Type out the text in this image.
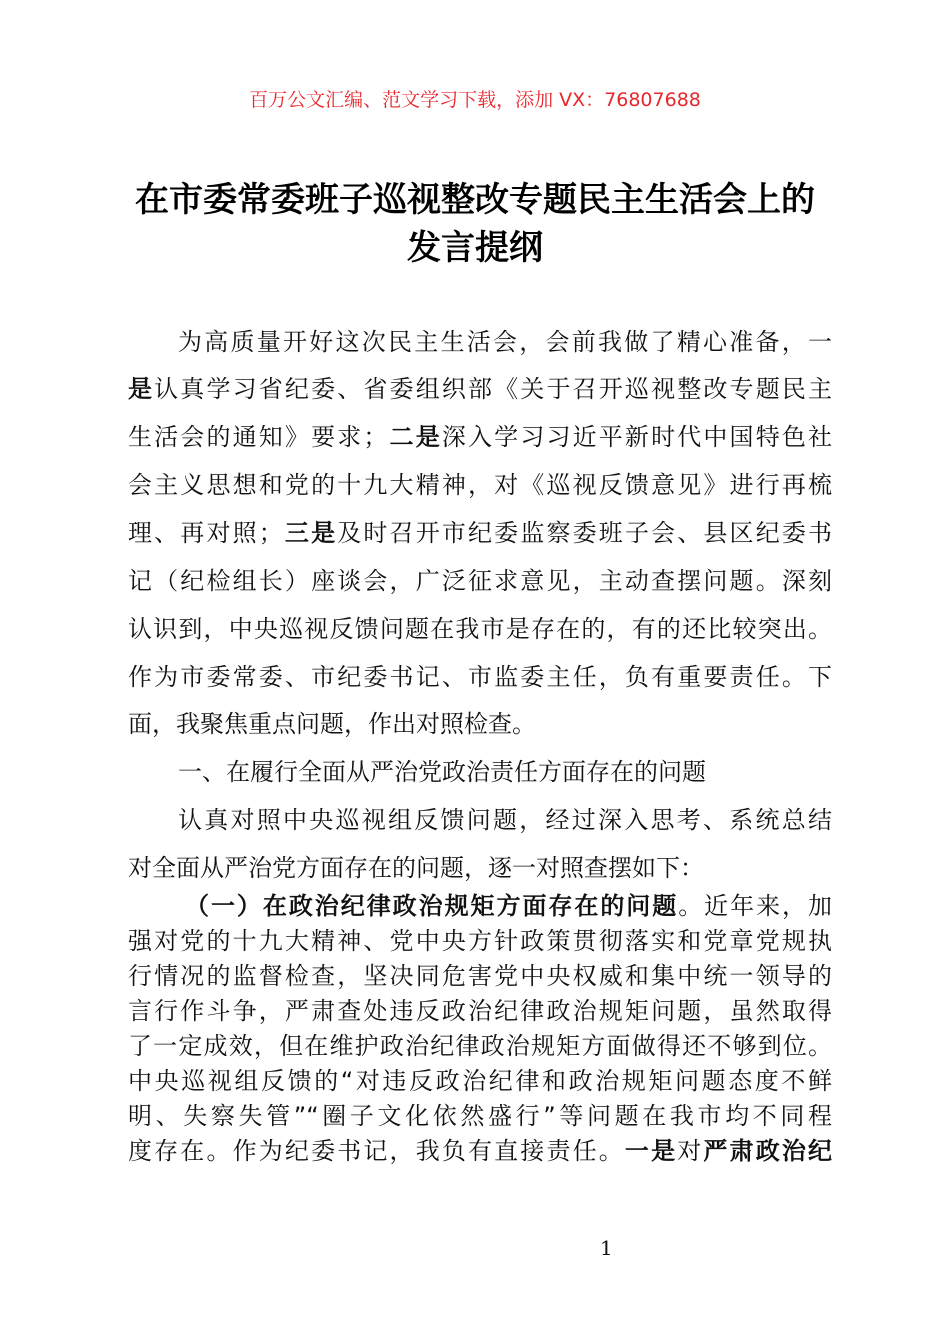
百万公文汇编、范文学习下载，添加 VX：76807688
在市委常委班子巡视整改专题民主生活会上的
发言提纲
为高质量开好这次民主生活会，会前我做了精心准备，一
是认真学习省纪委、省委组织部《关于召开巡视整改专题民主
生活会的通知》要求；二是深入学习习近平新时代中国特色社
会主义思想和党的十九大精神，对《巡视反馈意见》进行再梳
理、再对照；三是及时召开市纪委监察委班子会、县区纪委书
记（纪检组长）座谈会，广泛征求意见，主动查摆问题。深刻
认识到，中央巡视反馈问题在我市是存在的，有的还比较突出。
作为市委常委、市纪委书记、市监委主任，负有重要责任。下
面，我聚焦重点问题，作出对照检查。
一、在履行全面从严治党政治责任方面存在的问题
认真对照中央巡视组反馈问题，经过深入思考、系统总结
对全面从严治党方面存在的问题，逐一对照查摆如下：
（一）在政治纪律政治规矩方面存在的问题。近年来，加
强对党的十九大精神、党中央方针政策贯彻落实和党章党规执
行情况的监督检查，坚决同危害党中央权威和集中统一领导的
言行作斗争，严肃查处违反政治纪律政治规矩问题，虽然取得
了一定成效，但在维护政治纪律政治规矩方面做得还不够到位。
中央巡视组反馈的“对违反政治纪律和政治规矩问题态度不鲜
明、失察失管”“圈子文化依然盛行”等问题在我市均不同程
度存在。作为纪委书记，我负有直接责任。一是对严肃政治纪
1
